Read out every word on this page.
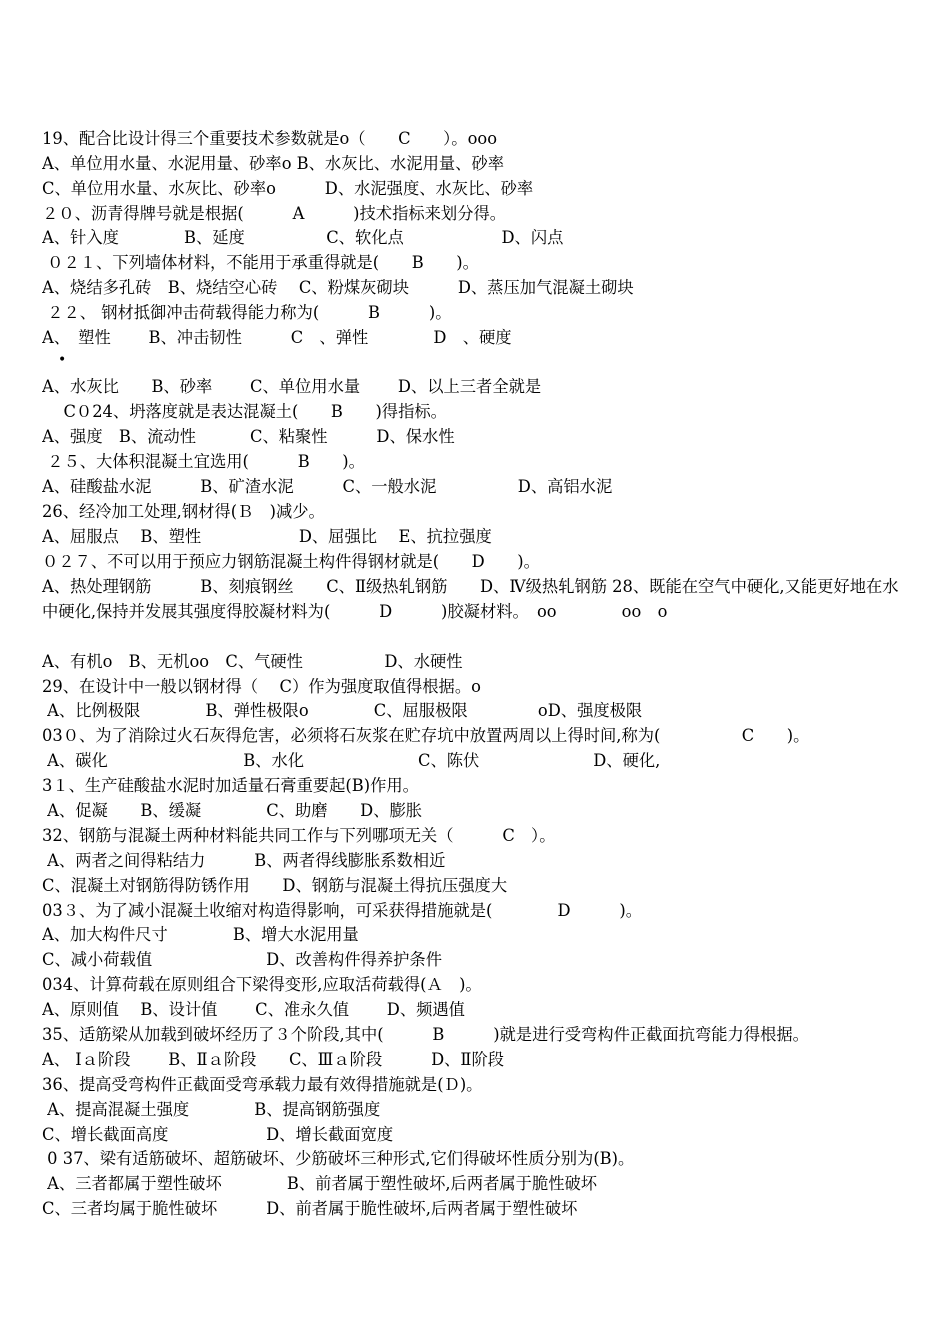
19、配合比设计得三个重要技术参数就是ο（　　C　　）。οοο
A、单位用水量、水泥用量、砂率ο B、水灰比、水泥用量、砂率
C、单位用水量、水灰比、砂率ο　　　D、水泥强度、水灰比、砂率
２０、沥青得牌号就是根据(　　　A　　　)技术指标来划分得。
A、针入度　　　　B、延度　　　　　C、软化点　　　　　　D、闪点
０２１、下列墙体材料，不能用于承重得就是(　　B　　)。
A、烧结多孔砖　B、烧结空心砖　 C、粉煤灰砌块　　　D、蒸压加气混凝土砌块
２２、 钢材抵御冲击荷载得能力称为(　　　B　　　)。
A、　塑性　　 B、冲击韧性　　　C　、弹性　　　　D　、硬度
•
A、水灰比　　B、砂率　　 C、单位用水量　　 D、以上三者全就是
　 C０24、坍落度就是表达混凝土(　　B　　)得指标。
A、强度　B、流动性　　　 C、粘聚性　　　D、保水性
２５、大体积混凝土宜选用(　　　B　　)。
A、硅酸盐水泥　　　B、矿渣水泥　　　C、一般水泥　　　　　D、高铝水泥
26、经冷加工处理,钢材得(Ｂ　)减少。
A、屈服点　 B、塑性　　　　　　D、屈强比　 E、抗拉强度
０２７、不可以用于预应力钢筋混凝土构件得钢材就是(　　D　　)。
A、热处理钢筋　　　B、刻痕钢丝　　C、Ⅱ级热轧钢筋　　D、Ⅳ级热轧钢筋 28、既能在空气中硬化,又能更好地在水中硬化,保持并发展其强度得胶凝材料为(　　　D　　　)胶凝材料。　οο　　　　οο　ο
A、有机ο　B、无机οο　C、气硬性　　　　　D、水硬性
29、在设计中一般以钢材得（　 C）作为强度取值得根据。ο
A、比例极限　　　　B、弹性极限ο　　　　C、屈服极限　　　　 οD、强度极限
03０、为了消除过火石灰得危害，必须将石灰浆在贮存坑中放置两周以上得时间,称为(　　　　　C　　)。
A、碳化　　　　　　　　 B、水化　　　　　　　C、陈伏　　　　　　　D、硬化,
3１、生产硅酸盐水泥时加适量石膏重要起(B)作用。
A、促凝　　B、缓凝　　　　C、助磨　　D、膨胀
32、钢筋与混凝土两种材料能共同工作与下列哪项无关（　　　C　）。
A、两者之间得粘结力　　　B、两者得线膨胀系数相近
C、混凝土对钢筋得防锈作用　　D、钢筋与混凝土得抗压强度大
03３、为了减小混凝土收缩对构造得影响，可采获得措施就是(　　　　D　　　)。
A、加大构件尺寸　　　　B、增大水泥用量
C、减小荷载值　　　　　　　D、改善构件得养护条件
034、计算荷载在原则组合下梁得变形,应取活荷载得(Ａ　)。
A、原则值　 B、设计值　　 C、准永久值　　 D、频遇值
35、适筋梁从加载到破坏经历了３个阶段,其中(　　　B　　　)就是进行受弯构件正截面抗弯能力得根据。
A、 Ⅰａ阶段　　 B、Ⅱａ阶段　　C、Ⅲａ阶段　　　D、Ⅱ阶段
36、提高受弯构件正截面受弯承载力最有效得措施就是(Ｄ)。
A、提高混凝土强度　　　　B、提高钢筋强度
C、增长截面高度　　　　　　D、增长截面宽度
0 37、梁有适筋破坏、超筋破坏、少筋破坏三种形式,它们得破坏性质分别为(B)。
A、三者都属于塑性破坏　　　　B、前者属于塑性破坏,后两者属于脆性破坏
C、三者均属于脆性破坏　　　D、前者属于脆性破坏,后两者属于塑性破坏
